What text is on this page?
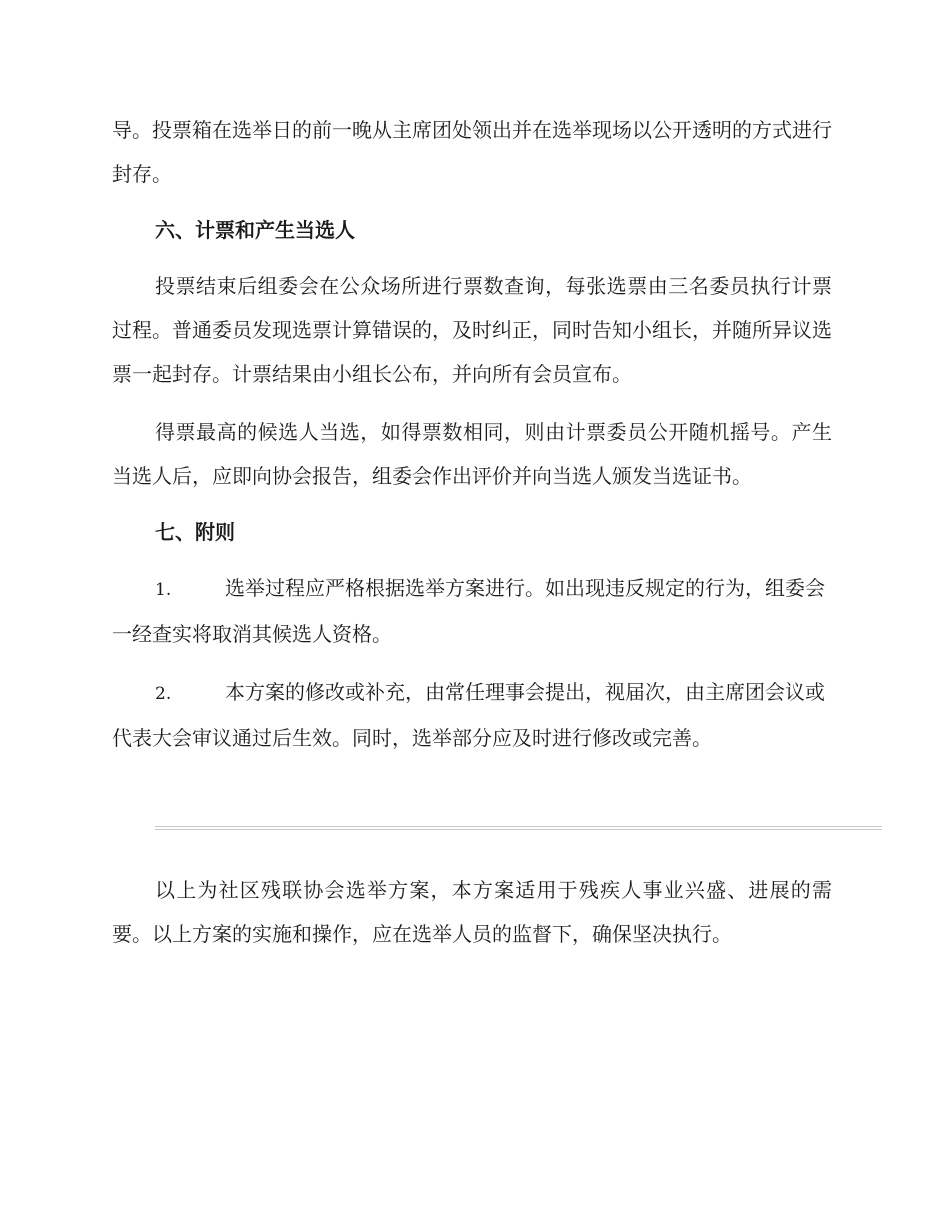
导。投票箱在选举日的前一晚从主席团处领出并在选举现场以公开透明的方式进行封存。

六、计票和产生当选人

投票结束后组委会在公众场所进行票数查询，每张选票由三名委员执行计票过程。普通委员发现选票计算错误的，及时纠正，同时告知小组长，并随所异议选票一起封存。计票结果由小组长公布，并向所有会员宣布。

得票最高的候选人当选，如得票数相同，则由计票委员公开随机摇号。产生当选人后，应即向协会报告，组委会作出评价并向当选人颁发当选证书。

七、附则

1.	选举过程应严格根据选举方案进行。如出现违反规定的行为，组委会一经查实将取消其候选人资格。

2.	本方案的修改或补充，由常任理事会提出，视届次，由主席团会议或代表大会审议通过后生效。同时，选举部分应及时进行修改或完善。

以上为社区残联协会选举方案，本方案适用于残疾人事业兴盛、进展的需要。以上方案的实施和操作，应在选举人员的监督下，确保坚决执行。
